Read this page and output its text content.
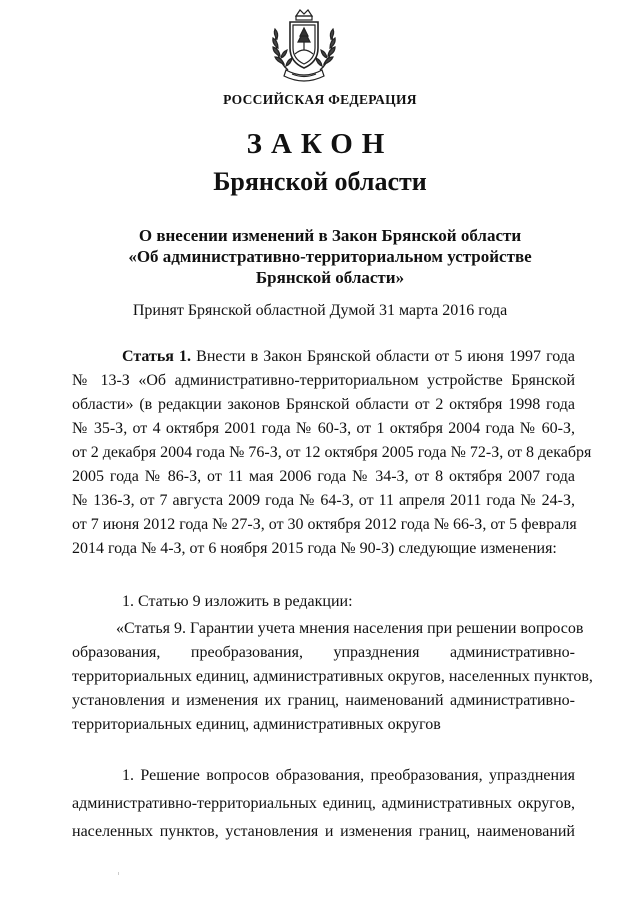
РОССИЙСКАЯ ФЕДЕРАЦИЯ
ЗАКОН
Брянской области
О внесении изменений в Закон Брянской области
«Об административно-территориальном устройстве
Брянской области»
Принят Брянской областной Думой 31 марта 2016 года
Статья 1. Внести в Закон Брянской области от 5 июня 1997 года
№ 13-З «Об административно-территориальном устройстве Брянской
области» (в редакции законов Брянской области от 2 октября 1998 года
№ 35-З, от 4 октября 2001 года № 60-З, от 1 октября 2004 года № 60-З,
от 2 декабря 2004 года № 76-З, от 12 октября 2005 года № 72-З, от 8 декабря
2005 года № 86-З, от 11 мая 2006 года № 34-З, от 8 октября 2007 года
№ 136-З, от 7 августа 2009 года № 64-З, от 11 апреля 2011 года № 24-З,
от 7 июня 2012 года № 27-З, от 30 октября 2012 года № 66-З, от 5 февраля
2014 года № 4-З, от 6 ноября 2015 года № 90-З) следующие изменения:
1. Статью 9 изложить в редакции:
«Статья 9. Гарантии учета мнения населения при решении вопросов
образования, преобразования, упразднения административно-
территориальных единиц, административных округов, населенных пунктов,
установления и изменения их границ, наименований административно-
территориальных единиц, административных округов
1. Решение вопросов образования, преобразования, упразднения
административно-территориальных единиц, административных округов,
населенных пунктов, установления и изменения границ, наименований
